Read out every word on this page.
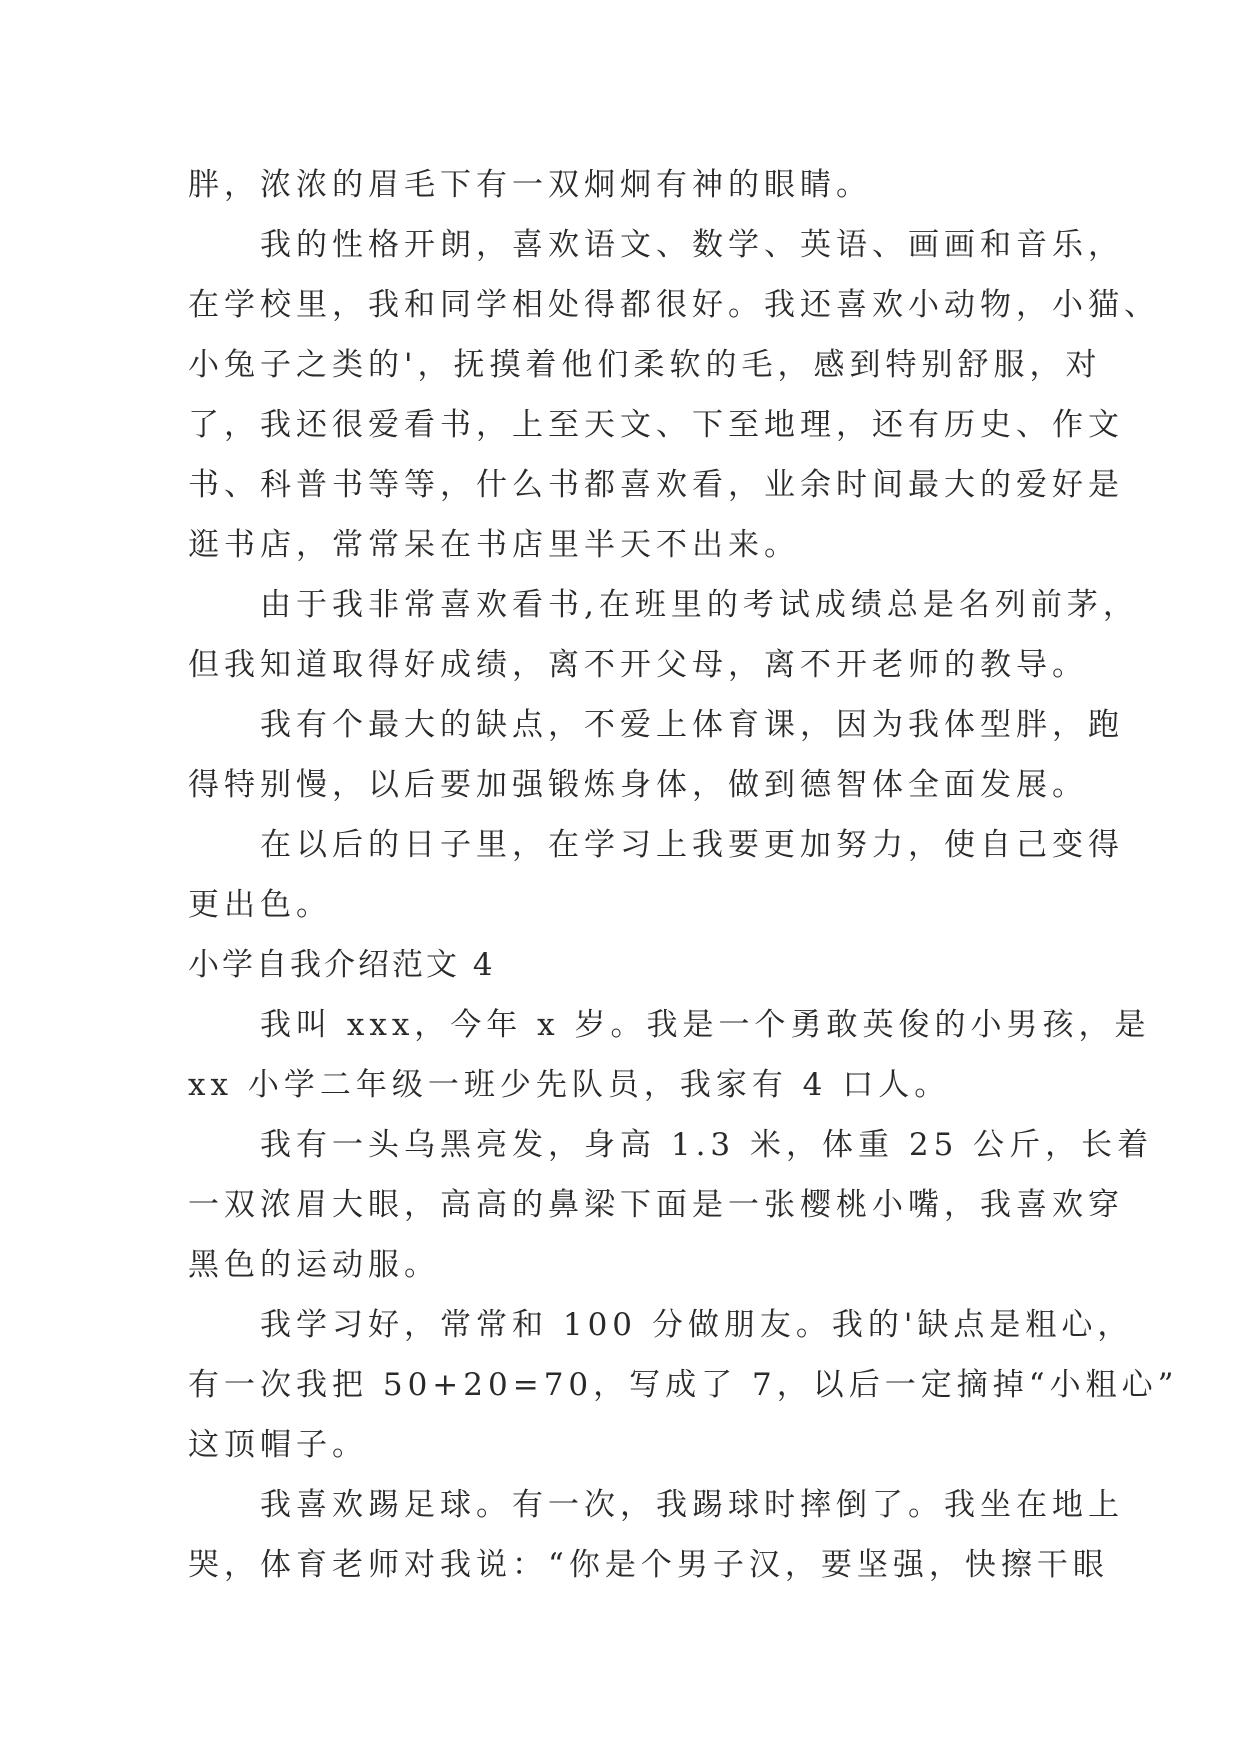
胖，浓浓的眉毛下有一双炯炯有神的眼睛。
我的性格开朗，喜欢语文、数学、英语、画画和音乐，
在学校里，我和同学相处得都很好。我还喜欢小动物，小猫、
小兔子之类的'，抚摸着他们柔软的毛，感到特别舒服，对
了，我还很爱看书，上至天文、下至地理，还有历史、作文
书、科普书等等，什么书都喜欢看，业余时间最大的爱好是
逛书店，常常呆在书店里半天不出来。
由于我非常喜欢看书,在班里的考试成绩总是名列前茅，
但我知道取得好成绩，离不开父母，离不开老师的教导。
我有个最大的缺点，不爱上体育课，因为我体型胖，跑
得特别慢，以后要加强锻炼身体，做到德智体全面发展。
在以后的日子里，在学习上我要更加努力，使自己变得
更出色。
小学自我介绍范文 4
我叫 xxx，今年 x 岁。我是一个勇敢英俊的小男孩，是
xx 小学二年级一班少先队员，我家有 4 口人。
我有一头乌黑亮发，身高 1.3 米，体重 25 公斤，长着
一双浓眉大眼，高高的鼻梁下面是一张樱桃小嘴，我喜欢穿
黑色的运动服。
我学习好，常常和 100 分做朋友。我的'缺点是粗心，
有一次我把 50+20=70，写成了 7，以后一定摘掉“小粗心”
这顶帽子。
我喜欢踢足球。有一次，我踢球时摔倒了。我坐在地上
哭，体育老师对我说：“你是个男子汉，要坚强，快擦干眼
